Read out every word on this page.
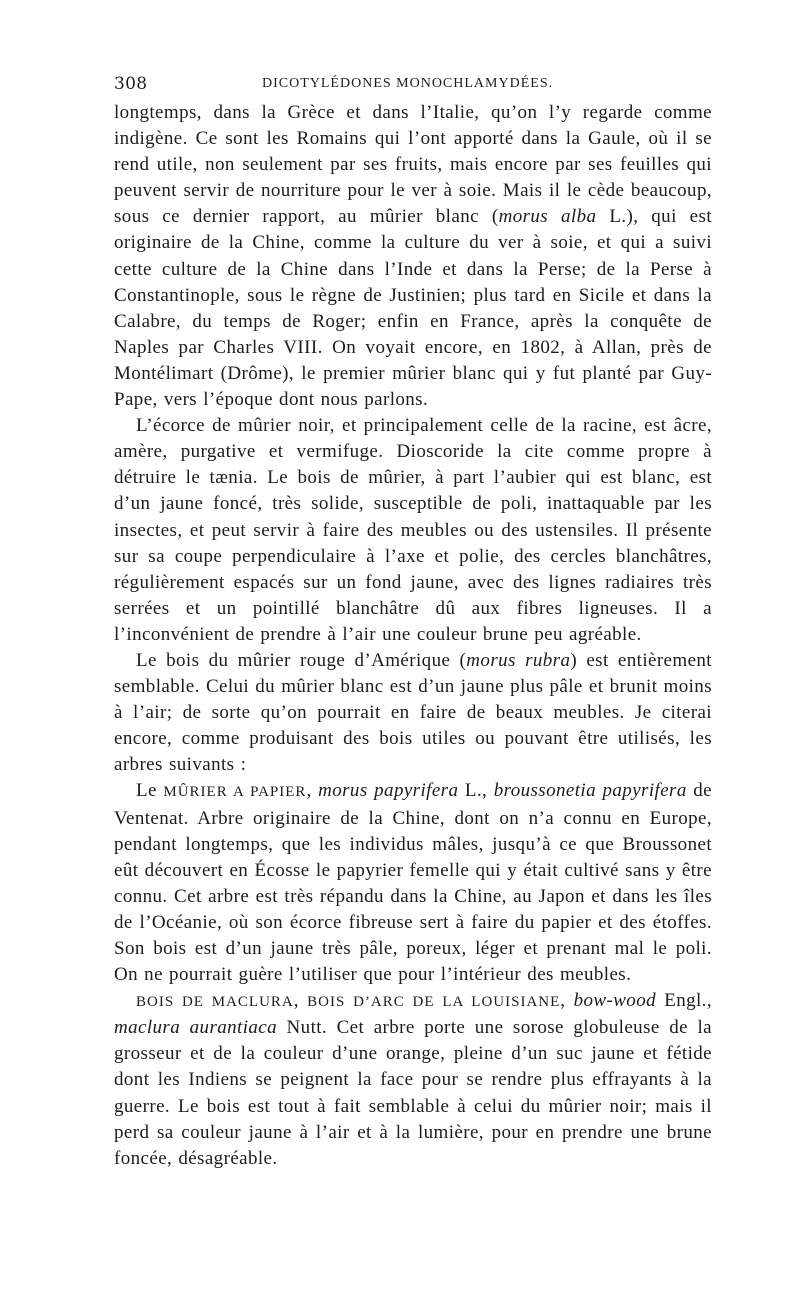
308	DICOTYLÉDONES MONOCHLAMYDÉES.

longtemps, dans la Grèce et dans l’Italie, qu’on l’y regarde comme indigène. Ce sont les Romains qui l’ont apporté dans la Gaule, où il se rend utile, non seulement par ses fruits, mais encore par ses feuilles qui peuvent servir de nourriture pour le ver à soie. Mais il le cède beaucoup, sous ce dernier rapport, au mûrier blanc (morus alba L.), qui est originaire de la Chine, comme la culture du ver à soie, et qui a suivi cette culture de la Chine dans l’Inde et dans la Perse; de la Perse à Constantinople, sous le règne de Justinien; plus tard en Sicile et dans la Calabre, du temps de Roger; enfin en France, après la conquête de Naples par Charles VIII. On voyait encore, en 1802, à Allan, près de Montélimart (Drôme), le premier mûrier blanc qui y fut planté par Guy-Pape, vers l’époque dont nous parlons.

L’écorce de mûrier noir, et principalement celle de la racine, est âcre, amère, purgative et vermifuge. Dioscoride la cite comme propre à détruire le tænia. Le bois de mûrier, à part l’aubier qui est blanc, est d’un jaune foncé, très solide, susceptible de poli, inattaquable par les insectes, et peut servir à faire des meubles ou des ustensiles. Il présente sur sa coupe perpendiculaire à l’axe et polie, des cercles blanchâtres, régulièrement espacés sur un fond jaune, avec des lignes radiaires très serrées et un pointillé blanchâtre dû aux fibres ligneuses. Il a l’inconvénient de prendre à l’air une couleur brune peu agréable.

Le bois du mûrier rouge d’Amérique (morus rubra) est entièrement semblable. Celui du mûrier blanc est d’un jaune plus pâle et brunit moins à l’air; de sorte qu’on pourrait en faire de beaux meubles. Je citerai encore, comme produisant des bois utiles ou pouvant être utilisés, les arbres suivants :

Le MÛRIER A PAPIER, morus papyrifera L., broussonetia papyrifera de Ventenat. Arbre originaire de la Chine, dont on n’a connu en Europe, pendant longtemps, que les individus mâles, jusqu’à ce que Broussonet eût découvert en Écosse le papyrier femelle qui y était cultivé sans y être connu. Cet arbre est très répandu dans la Chine, au Japon et dans les îles de l’Océanie, où son écorce fibreuse sert à faire du papier et des étoffes. Son bois est d’un jaune très pâle, poreux, léger et prenant mal le poli. On ne pourrait guère l’utiliser que pour l’intérieur des meubles.

BOIS DE MACLURA, BOIS D’ARC DE LA LOUISIANE, bow-wood Engl., maclura aurantiaca Nutt. Cet arbre porte une sorose globuleuse de la grosseur et de la couleur d’une orange, pleine d’un suc jaune et fétide dont les Indiens se peignent la face pour se rendre plus effrayants à la guerre. Le bois est tout à fait semblable à celui du mûrier noir; mais il perd sa couleur jaune à l’air et à la lumière, pour en prendre une brune foncée, désagréable.
